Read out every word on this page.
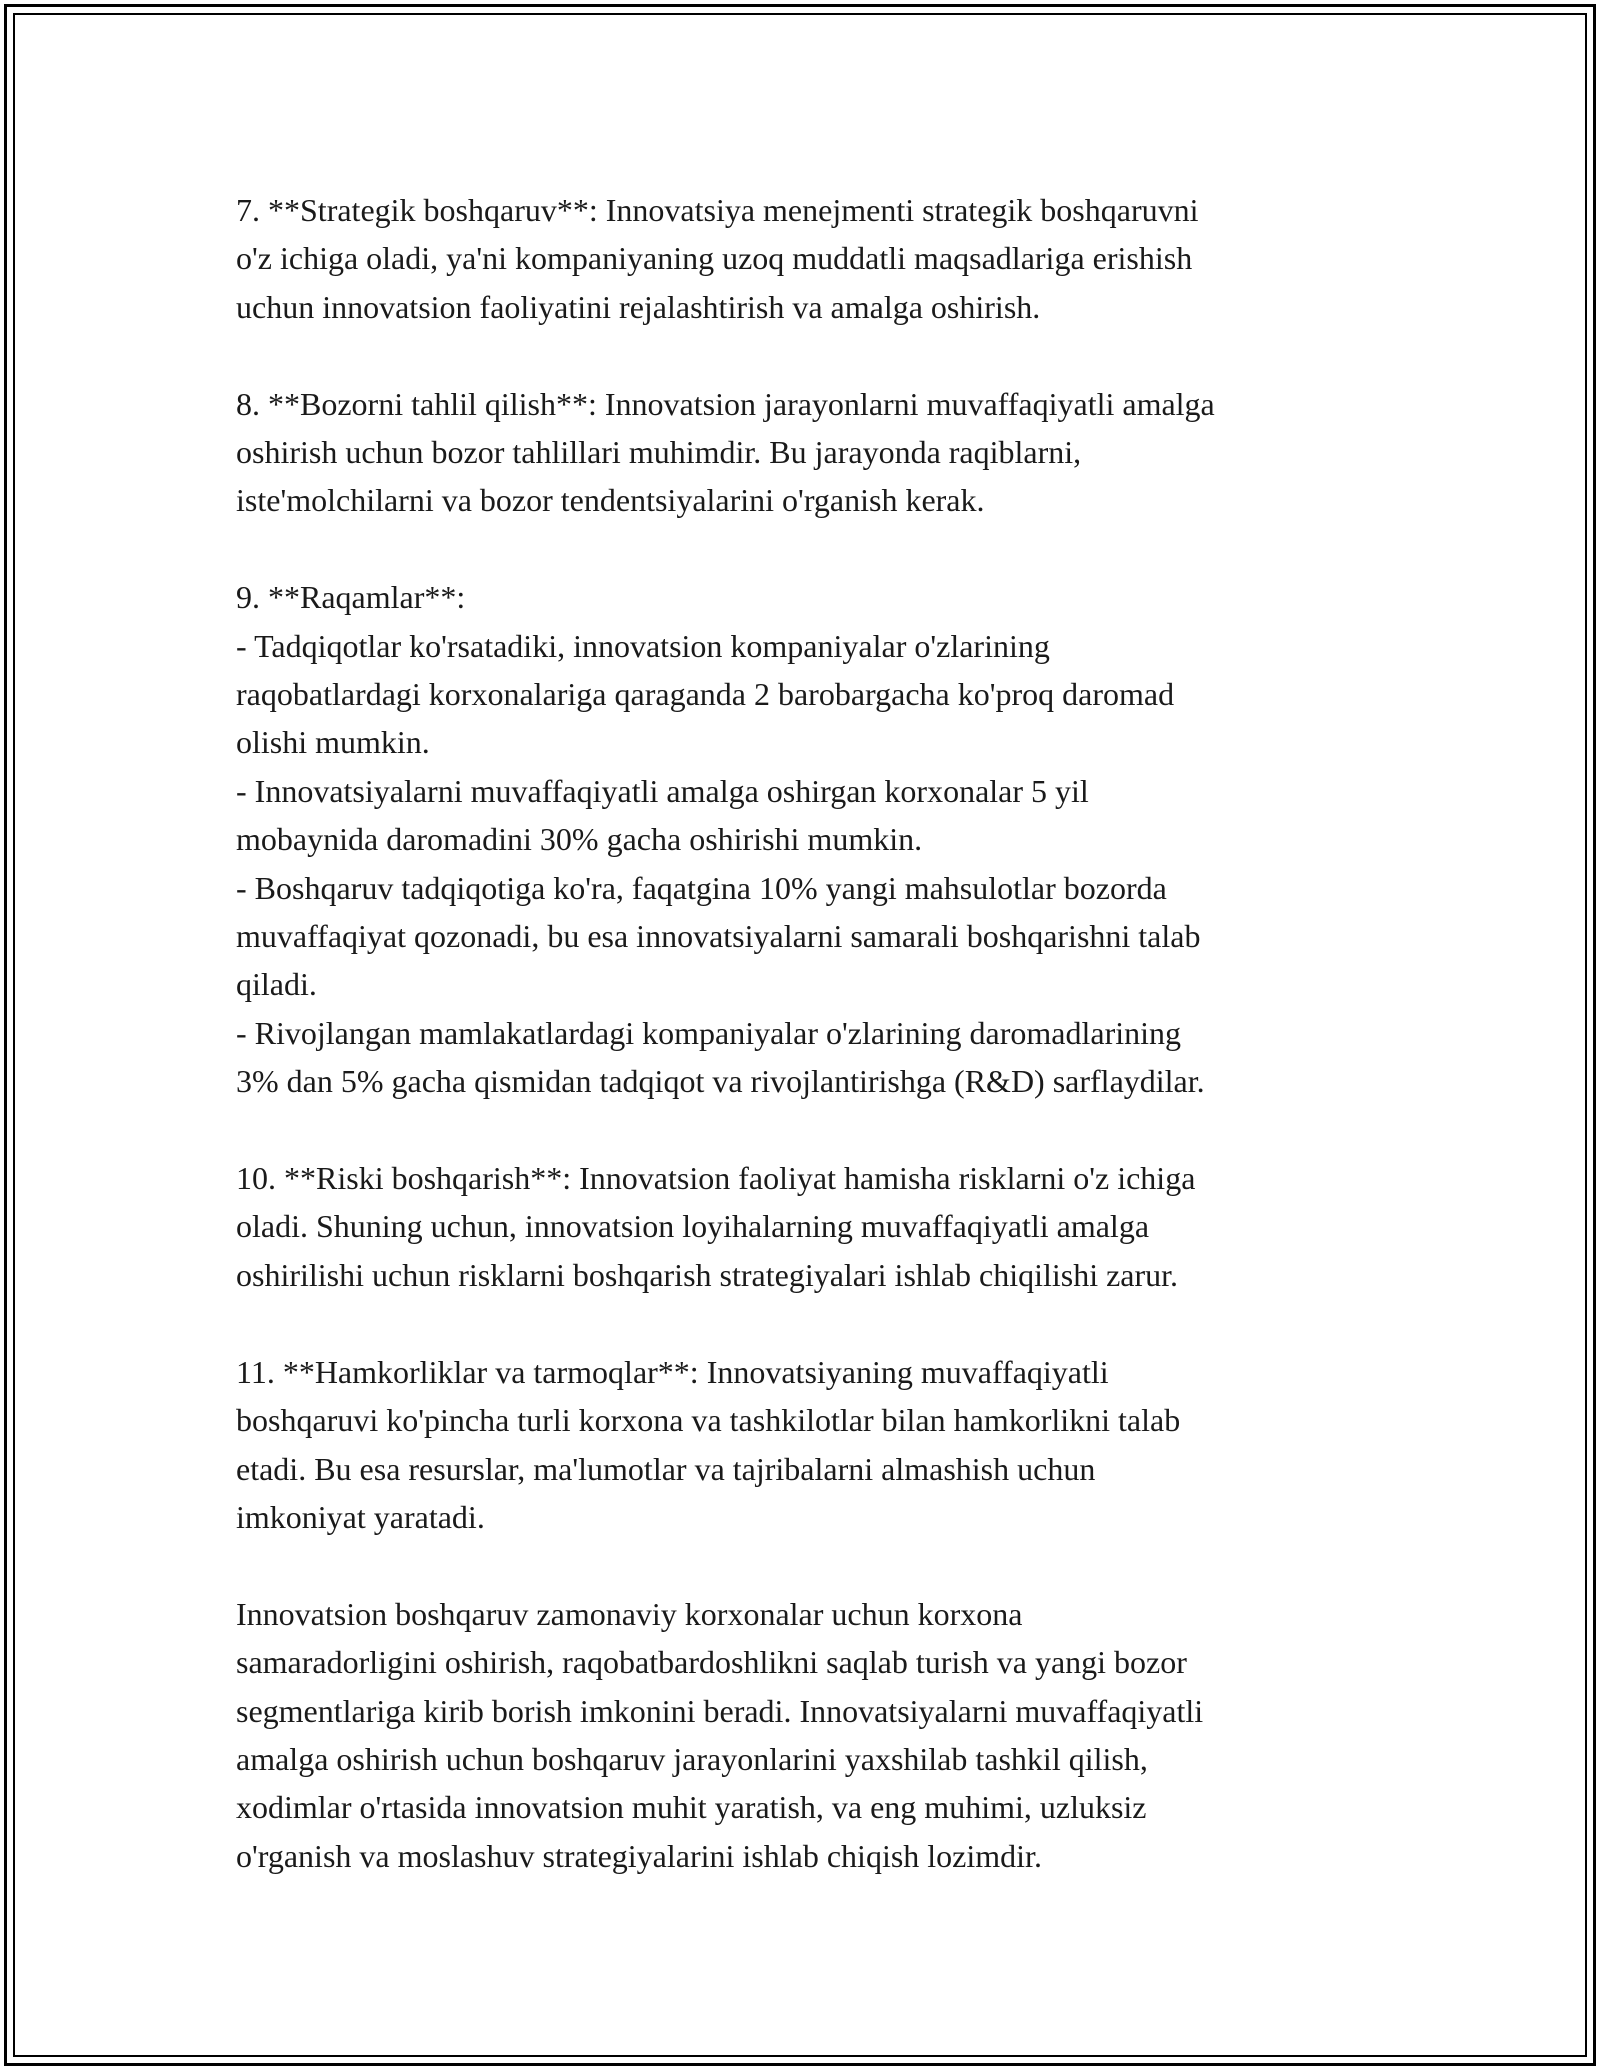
7. **Strategik boshqaruv**: Innovatsiya menejmenti strategik boshqaruvni
o'z ichiga oladi, ya'ni kompaniyaning uzoq muddatli maqsadlariga erishish
uchun innovatsion faoliyatini rejalashtirish va amalga oshirish.

8. **Bozorni tahlil qilish**: Innovatsion jarayonlarni muvaffaqiyatli amalga
oshirish uchun bozor tahlillari muhimdir. Bu jarayonda raqiblarni,
iste'molchilarni va bozor tendentsiyalarini o'rganish kerak.

9. **Raqamlar**:
- Tadqiqotlar ko'rsatadiki, innovatsion kompaniyalar o'zlarining
raqobatlardagi korxonalariga qaraganda 2 barobargacha ko'proq daromad
olishi mumkin.
- Innovatsiyalarni muvaffaqiyatli amalga oshirgan korxonalar 5 yil
mobaynida daromadini 30% gacha oshirishi mumkin.
- Boshqaruv tadqiqotiga ko'ra, faqatgina 10% yangi mahsulotlar bozorda
muvaffaqiyat qozonadi, bu esa innovatsiyalarni samarali boshqarishni talab
qiladi.
- Rivojlangan mamlakatlardagi kompaniyalar o'zlarining daromadlarining
3% dan 5% gacha qismidan tadqiqot va rivojlantirishga (R&D) sarflaydilar.

10. **Riski boshqarish**: Innovatsion faoliyat hamisha risklarni o'z ichiga
oladi. Shuning uchun, innovatsion loyihalarning muvaffaqiyatli amalga
oshirilishi uchun risklarni boshqarish strategiyalari ishlab chiqilishi zarur.

11. **Hamkorliklar va tarmoqlar**: Innovatsiyaning muvaffaqiyatli
boshqaruvi ko'pincha turli korxona va tashkilotlar bilan hamkorlikni talab
etadi. Bu esa resurslar, ma'lumotlar va tajribalarni almashish uchun
imkoniyat yaratadi.

Innovatsion boshqaruv zamonaviy korxonalar uchun korxona
samaradorligini oshirish, raqobatbardoshlikni saqlab turish va yangi bozor
segmentlariga kirib borish imkonini beradi. Innovatsiyalarni muvaffaqiyatli
amalga oshirish uchun boshqaruv jarayonlarini yaxshilab tashkil qilish,
xodimlar o'rtasida innovatsion muhit yaratish, va eng muhimi, uzluksiz
o'rganish va moslashuv strategiyalarini ishlab chiqish lozimdir.
